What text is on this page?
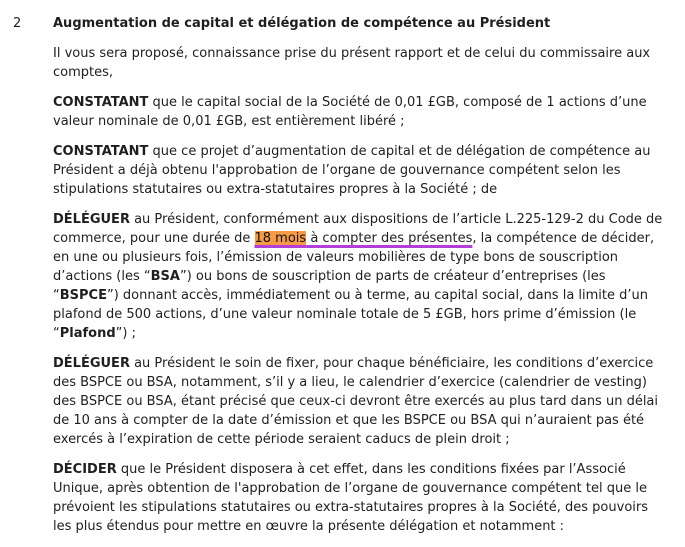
2 Augmentation de capital et délégation de compétence au Président

Il vous sera proposé, connaissance prise du présent rapport et de celui du commissaire aux comptes,

CONSTATANT que le capital social de la Société de 0,01 £GB, composé de 1 actions d’une valeur nominale de 0,01 £GB, est entièrement libéré ;

CONSTATANT que ce projet d’augmentation de capital et de délégation de compétence au Président a déjà obtenu l'approbation de l’organe de gouvernance compétent selon les stipulations statutaires ou extra-statutaires propres à la Société ; de

DÉLÉGUER au Président, conformément aux dispositions de l’article L.225-129-2 du Code de commerce, pour une durée de 18 mois à compter des présentes, la compétence de décider, en une ou plusieurs fois, l’émission de valeurs mobilières de type bons de souscription d’actions (les “BSA”) ou bons de souscription de parts de créateur d’entreprises (les “BSPCE”) donnant accès, immédiatement ou à terme, au capital social, dans la limite d’un plafond de 500 actions, d’une valeur nominale totale de 5 £GB, hors prime d’émission (le “Plafond”) ;

DÉLÉGUER au Président le soin de fixer, pour chaque bénéficiaire, les conditions d’exercice des BSPCE ou BSA, notamment, s’il y a lieu, le calendrier d’exercice (calendrier de vesting) des BSPCE ou BSA, étant précisé que ceux-ci devront être exercés au plus tard dans un délai de 10 ans à compter de la date d’émission et que les BSPCE ou BSA qui n’auraient pas été exercés à l’expiration de cette période seraient caducs de plein droit ;

DÉCIDER que le Président disposera à cet effet, dans les conditions fixées par l’Associé Unique, après obtention de l'approbation de l’organe de gouvernance compétent tel que le prévoient les stipulations statutaires ou extra-statutaires propres à la Société, des pouvoirs les plus étendus pour mettre en œuvre la présente délégation et notamment :
